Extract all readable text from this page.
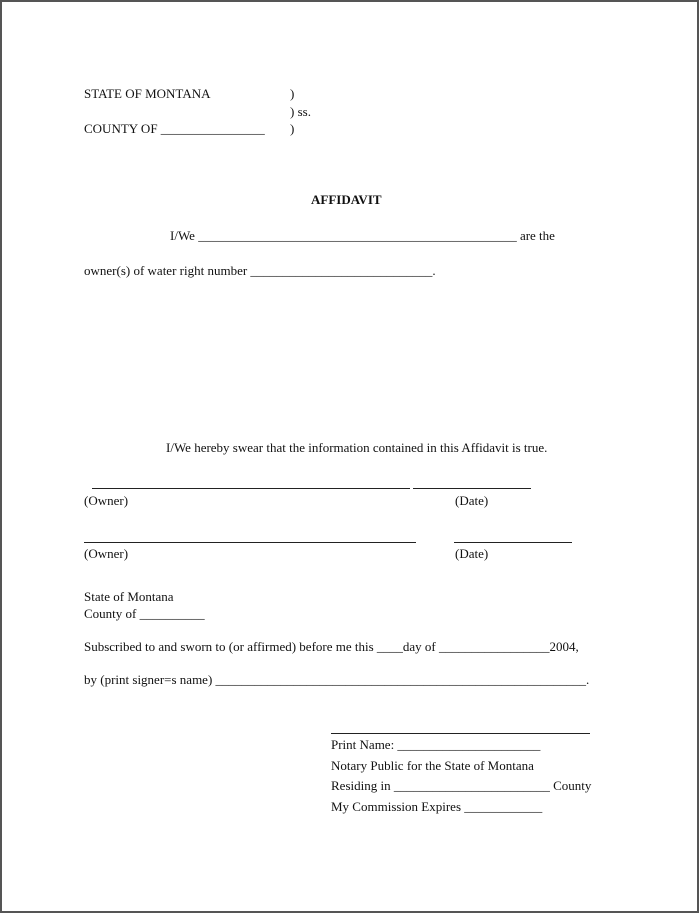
STATE OF MONTANA	)
) ss.
COUNTY OF ________________ )
AFFIDAVIT
I/We _________________________________________________ are the
owner(s) of water right number ____________________________.
I/We hereby swear that the information contained in this Affidavit is true.
(Owner)	(Date)
(Owner)	(Date)
State of Montana
County of __________
Subscribed to and sworn to (or affirmed) before me this ____day of _________________2004,
by (print signer=s name) _________________________________________________________.
Print Name: ______________________
Notary Public for the State of Montana
Residing in ________________________ County
My Commission Expires ____________
